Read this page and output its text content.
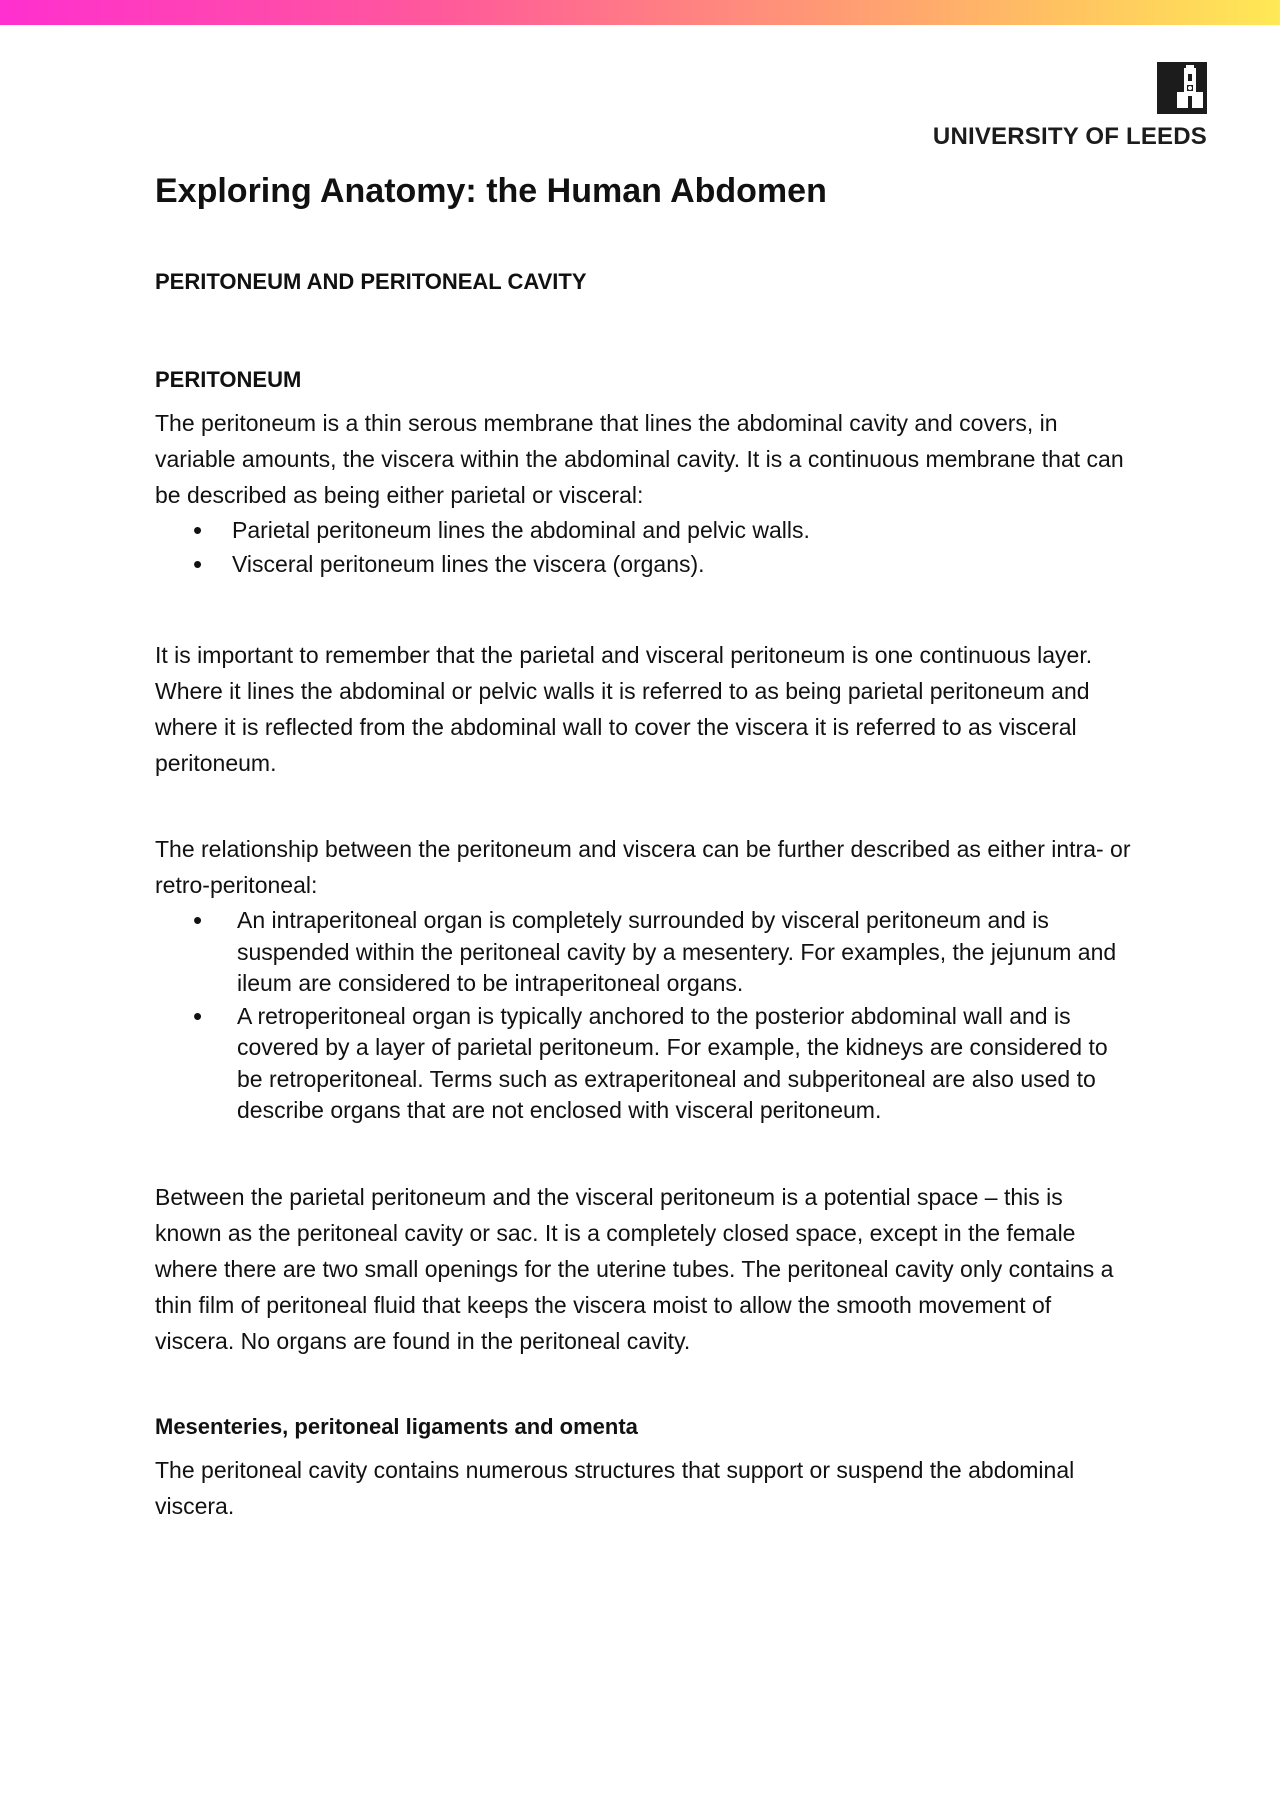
UNIVERSITY OF LEEDS
Exploring Anatomy: the Human Abdomen
PERITONEUM AND PERITONEAL CAVITY
PERITONEUM

The peritoneum is a thin serous membrane that lines the abdominal cavity and covers, in variable amounts, the viscera within the abdominal cavity. It is a continuous membrane that can be described as being either parietal or visceral:

• Parietal peritoneum lines the abdominal and pelvic walls.
• Visceral peritoneum lines the viscera (organs).

It is important to remember that the parietal and visceral peritoneum is one continuous layer. Where it lines the abdominal or pelvic walls it is referred to as being parietal peritoneum and where it is reflected from the abdominal wall to cover the viscera it is referred to as visceral peritoneum.

The relationship between the peritoneum and viscera can be further described as either intra- or retro-peritoneal:

• An intraperitoneal organ is completely surrounded by visceral peritoneum and is suspended within the peritoneal cavity by a mesentery. For examples, the jejunum and ileum are considered to be intraperitoneal organs.
• A retroperitoneal organ is typically anchored to the posterior abdominal wall and is covered by a layer of parietal peritoneum. For example, the kidneys are considered to be retroperitoneal. Terms such as extraperitoneal and subperitoneal are also used to describe organs that are not enclosed with visceral peritoneum.

Between the parietal peritoneum and the visceral peritoneum is a potential space – this is known as the peritoneal cavity or sac. It is a completely closed space, except in the female where there are two small openings for the uterine tubes. The peritoneal cavity only contains a thin film of peritoneal fluid that keeps the viscera moist to allow the smooth movement of viscera. No organs are found in the peritoneal cavity.

Mesenteries, peritoneal ligaments and omenta

The peritoneal cavity contains numerous structures that support or suspend the abdominal viscera.
